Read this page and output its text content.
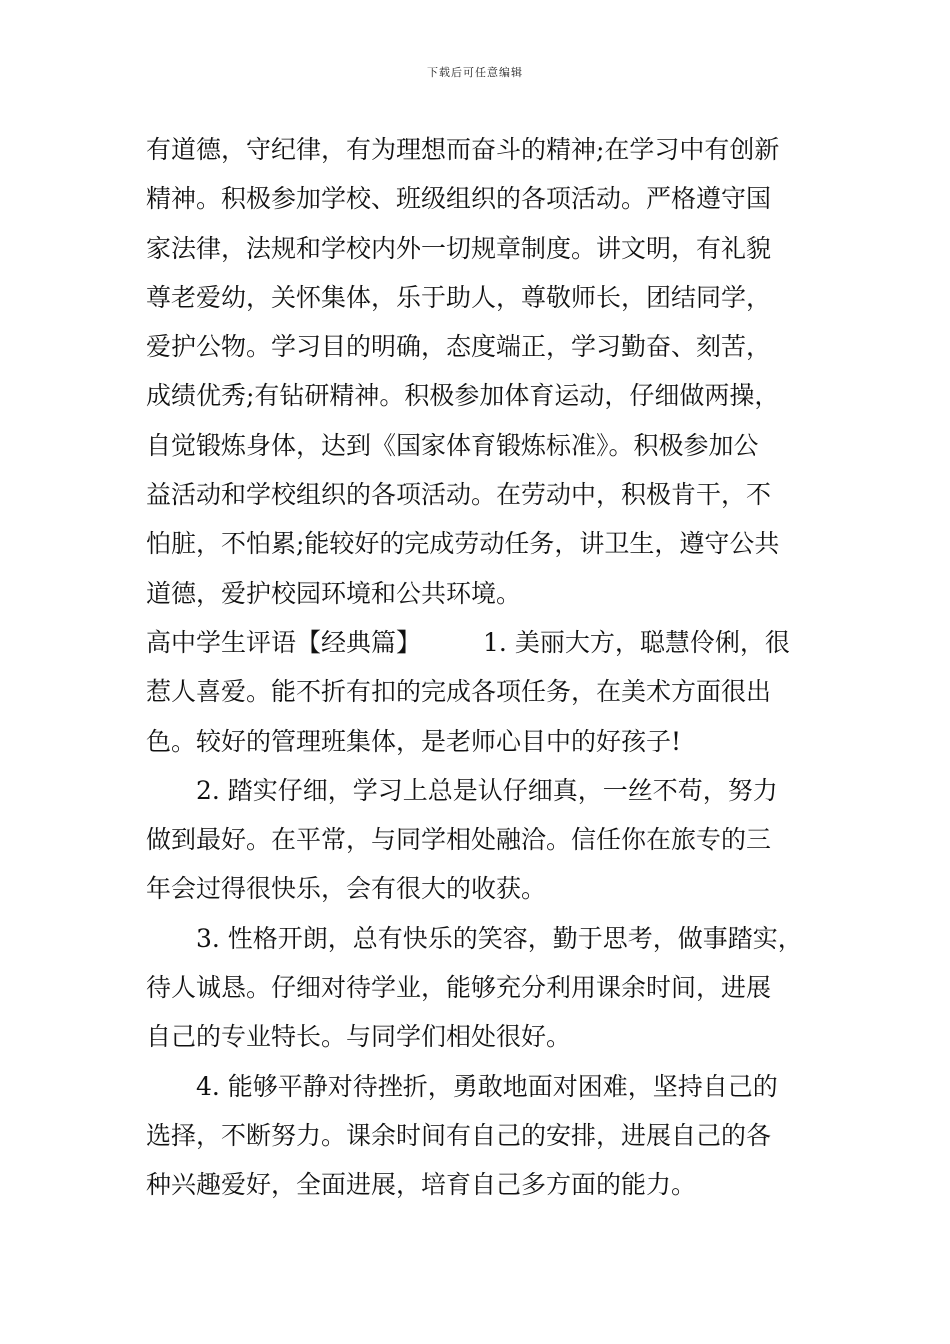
下载后可任意编辑
有道德，守纪律，有为理想而奋斗的精神;在学习中有创新
精神。积极参加学校、班级组织的各项活动。严格遵守国
家法律，法规和学校内外一切规章制度。讲文明，有礼貌
尊老爱幼，关怀集体，乐于助人，尊敬师长，团结同学，
爱护公物。学习目的明确，态度端正，学习勤奋、刻苦，
成绩优秀;有钻研精神。积极参加体育运动，仔细做两操，
自觉锻炼身体，达到《国家体育锻炼标准》。积极参加公
益活动和学校组织的各项活动。在劳动中，积极肯干，不
怕脏，不怕累;能较好的完成劳动任务，讲卫生，遵守公共
道德，爱护校园环境和公共环境。
高中学生评语【经典篇】 1. 美丽大方，聪慧伶俐，很
惹人喜爱。能不折有扣的完成各项任务，在美术方面很出
色。较好的管理班集体，是老师心目中的好孩子!
2. 踏实仔细，学习上总是认仔细真，一丝不苟，努力
做到最好。在平常，与同学相处融洽。信任你在旅专的三
年会过得很快乐，会有很大的收获。
3. 性格开朗，总有快乐的笑容，勤于思考，做事踏实，
待人诚恳。仔细对待学业，能够充分利用课余时间，进展
自己的专业特长。与同学们相处很好。
4. 能够平静对待挫折，勇敢地面对困难，坚持自己的
选择，不断努力。课余时间有自己的安排，进展自己的各
种兴趣爱好，全面进展，培育自己多方面的能力。
